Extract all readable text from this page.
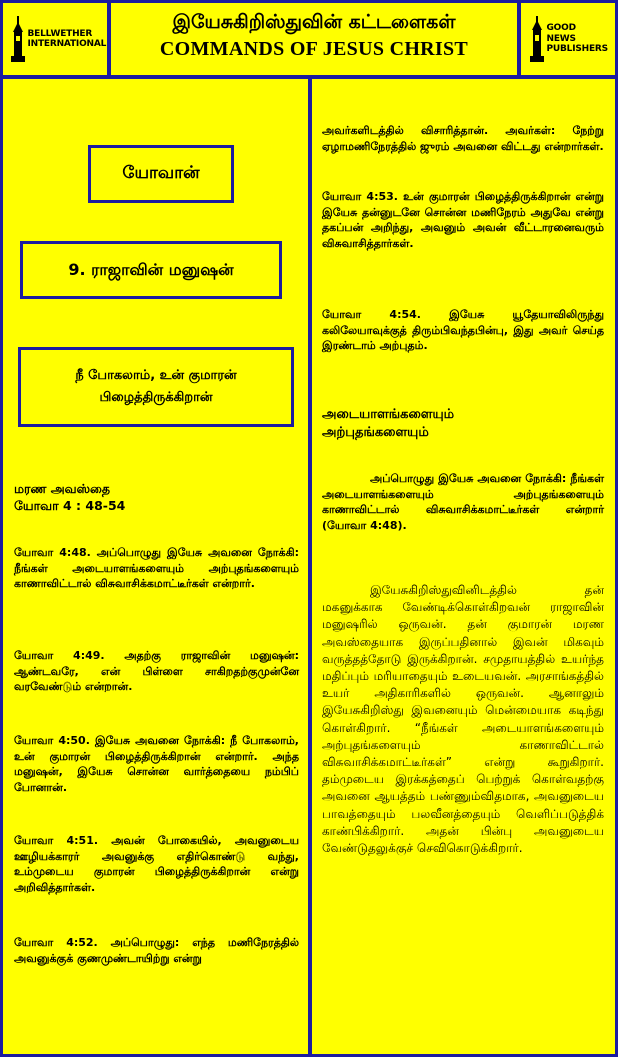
BELLWETHER INTERNATIONAL
இயேசுகிறிஸ்துவின் கட்டளைகள்
COMMANDS OF JESUS CHRIST
GOOD NEWS PUBLISHERS
யோவான்
9. ராஜாவின் மனுஷன்
நீ போகலாம், உன் குமாரன் பிழைத்திருக்கிறான்
மரண அவஸ்தை
யோவா 4 : 48-54
யோவா 4:48. அப்பொழுது இயேசு அவனை நோக்கி: நீங்கள் அடையாளங்களையும் அற்புதங்களையும் காணாவிட்டால் விசுவாசிக்கமாட்டீர்கள் என்றார்.
யோவா 4:49. அதற்கு ராஜாவின் மனுஷன்: ஆண்டவரே, என் பிள்ளை சாகிறதற்குமுன்னே வரவேண்டும் என்றான்.
யோவா 4:50. இயேசு அவனை நோக்கி: நீ போகலாம், உன் குமாரன் பிழைத்திருக்கிறான் என்றார். அந்த மனுஷன், இயேசு சொன்ன வார்த்தையை நம்பிப் போனான்.
யோவா 4:51. அவன் போகையில், அவனுடைய ஊழியக்காரர் அவனுக்கு எதிர்கொண்டு வந்து, உம்முடைய குமாரன் பிழைத்திருக்கிறான் என்று அறிவித்தார்கள்.
யோவா 4:52. அப்பொழுது: எந்த மணிநேரத்தில் அவனுக்குக் குணமுண்டாயிற்று என்று
அவர்களிடத்தில் விசாரித்தான். அவர்கள்: நேற்று ஏழாமணிநேரத்தில் ஜுரம் அவனை விட்டது என்றார்கள்.
யோவா 4:53. உன் குமாரன் பிழைத்திருக்கிறான் என்று இயேசு தன்னுடனே சொன்ன மணிநேரம் அதுவே என்று தகப்பன் அறிந்து, அவனும் அவன் வீட்டாரனைவரும் விசுவாசித்தார்கள்.
யோவா 4:54. இயேசு யூதேயாவிலிருந்து கலிலேயாவுக்குத் திரும்பிவந்தபின்பு, இது அவர் செய்த இரண்டாம் அற்புதம்.
அடையாளங்களையும் அற்புதங்களையும்
அப்பொழுது இயேசு அவனை நோக்கி: நீங்கள் அடையாளங்களையும் அற்புதங்களையும் காணாவிட்டால் விசுவாசிக்கமாட்டீர்கள் என்றார் (யோவா 4:48).
இயேசுகிறிஸ்துவினிடத்தில் தன் மகனுக்காக வேண்டிக்கொள்கிறவன் ராஜாவின் மனுஷரில் ஒருவன். தன் குமாரன் மரண அவஸ்தையாக இருப்பதினால் இவன் மிகவும் வருத்தத்தோடு இருக்கிறான். சமுதாயத்தில் உயர்ந்த மதிப்பும் மரியாதையும் உடையவன். அரசாங்கத்தில் உயர் அதிகாரிகளில் ஒருவன். ஆனாலும் இயேசுகிறிஸ்து இவனையும் மென்மையாக கடிந்து கொள்கிறார். “நீங்கள் அடையாளங்களையும் அற்புதங்களையும் காணாவிட்டால் விசுவாசிக்கமாட்டீர்கள்” என்று கூறுகிறார். தம்முடைய இரக்கத்தைப் பெற்றுக் கொள்வதற்கு அவனை ஆயத்தம் பண்ணும்விதமாக, அவனுடைய பாவத்தையும் பலவீனத்தையும் வெளிப்படுத்திக் காண்பிக்கிறார். அதன் பின்பு அவனுடைய வேண்டுதலுக்குச் செவிகொடுக்கிறார்.
